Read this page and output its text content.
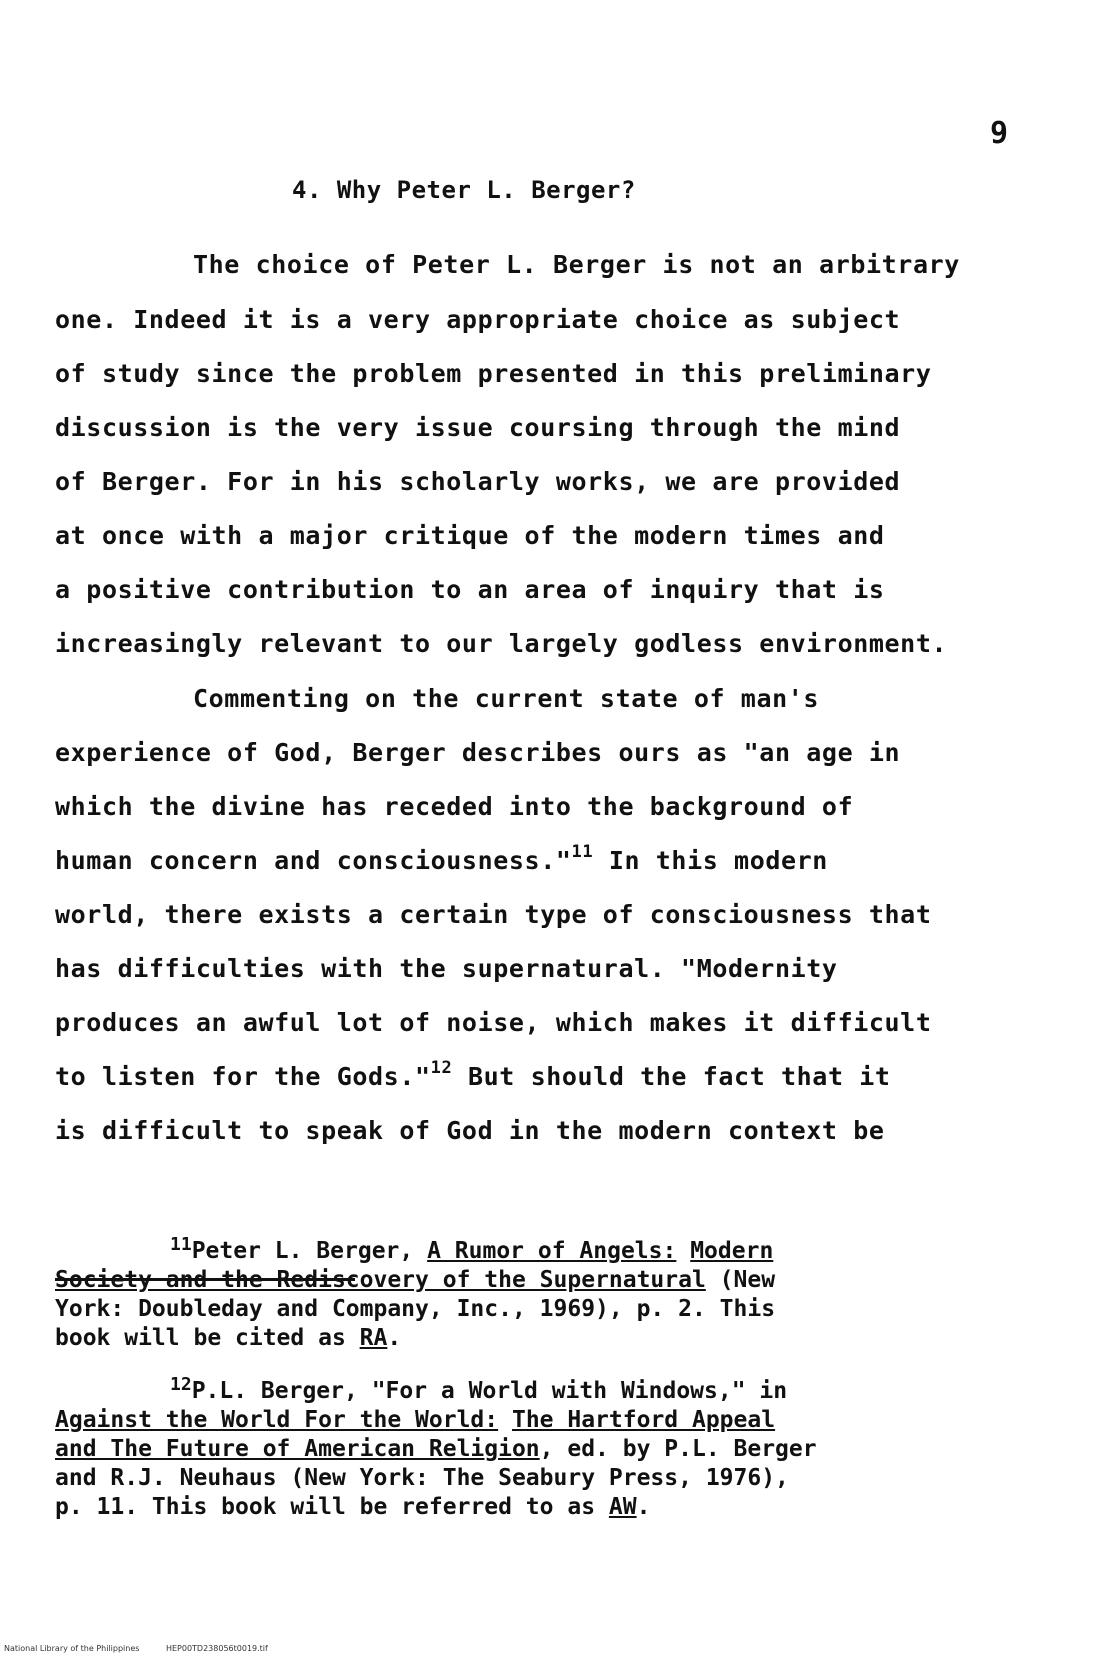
9
4. Why Peter L. Berger?
The choice of Peter L. Berger is not an arbitrary
one. Indeed it is a very appropriate choice as subject
of study since the problem presented in this preliminary
discussion is the very issue coursing through the mind
of Berger. For in his scholarly works, we are provided
at once with a major critique of the modern times and
a positive contribution to an area of inquiry that is
increasingly relevant to our largely godless environment.
Commenting on the current state of man's
experience of God, Berger describes ours as "an age in
which the divine has receded into the background of
human concern and consciousness."$^{11}$ In this modern
world, there exists a certain type of consciousness that
has difficulties with the supernatural. "Modernity
produces an awful lot of noise, which makes it difficult
to listen for the Gods."$^{12}$ But should the fact that it
is difficult to speak of God in the modern context be
$^{11}$Peter L. Berger, A Rumor of Angels: Modern
Society and the Rediscovery of the Supernatural (New
York: Doubleday and Company, Inc., 1969), p. 2. This
book will be cited as RA.
$^{12}$P.L. Berger, "For a World with Windows," in
Against the World For the World: The Hartford Appeal
and The Future of American Religion, ed. by P.L. Berger
and R.J. Neuhaus (New York: The Seabury Press, 1976),
p. 11. This book will be referred to as AW.
National Library of the Philippines	HEP00TD238056t0019.tif
